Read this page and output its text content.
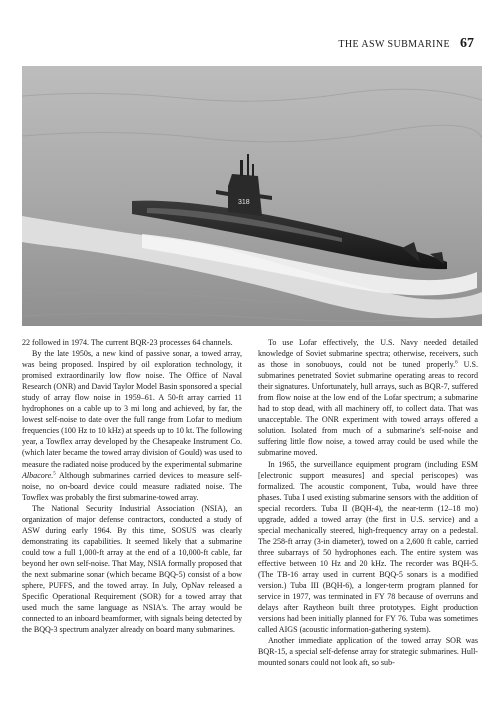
THE ASW SUBMARINE 67
318

22 followed in 1974. The current BQR-23 processes 64 channels.

By the late 1950s, a new kind of passive sonar, a towed array, was being proposed. Inspired by oil exploration technology, it promised extraordinarily low flow noise. The Office of Naval Research (ONR) and David Taylor Model Basin sponsored a special study of array flow noise in 1959–61. A 50-ft array carried 11 hydrophones on a cable up to 3 mi long and achieved, by far, the lowest self-noise to date over the full range from Lofar to medium frequencies (100 Hz to 10 kHz) at speeds up to 10 kt. The following year, a Towflex array developed by the Chesapeake Instrument Co. (which later became the towed array division of Gould) was used to measure the radiated noise produced by the experimental submarine Albacore.$^5$ Although submarines carried devices to measure self-noise, no on-board device could measure radiated noise. The Towflex was probably the first submarine-towed array.

The National Security Industrial Association (NSIA), an organization of major defense contractors, conducted a study of ASW during early 1964. By this time, SOSUS was clearly demonstrating its capabilities. It seemed likely that a submarine could tow a full 1,000-ft array at the end of a 10,000-ft cable, far beyond her own self-noise. That May, NSIA formally proposed that the next submarine sonar (which became BQQ-5) consist of a bow sphere, PUFFS, and the towed array. In July, OpNav released a Specific Operational Requirement (SOR) for a towed array that used much the same language as NSIA's. The array would be connected to an inboard beamformer, with signals being detected by the BQQ-3 spectrum analyzer already on board many submarines.

To use Lofar effectively, the U.S. Navy needed detailed knowledge of Soviet submarine spectra; otherwise, receivers, such as those in sonobuoys, could not be tuned properly.$^6$ U.S. submarines penetrated Soviet submarine operating areas to record their signatures. Unfortunately, hull arrays, such as BQR-7, suffered from flow noise at the low end of the Lofar spectrum; a submarine had to stop dead, with all machinery off, to collect data. That was unacceptable. The ONR experiment with towed arrays offered a solution. Isolated from much of a submarine's self-noise and suffering little flow noise, a towed array could be used while the submarine moved.

In 1965, the surveillance equipment program (including ESM [electronic support measures] and special periscopes) was formalized. The acoustic component, Tuba, would have three phases. Tuba I used existing submarine sensors with the addition of special recorders. Tuba II (BQH-4), the near-term (12–18 mo) upgrade, added a towed array (the first in U.S. service) and a special mechanically steered, high-frequency array on a pedestal. The 258-ft array (3-in diameter), towed on a 2,600 ft cable, carried three subarrays of 50 hydrophones each. The entire system was effective between 10 Hz and 20 kHz. The recorder was BQH-5. (The TB-16 array used in current BQQ-5 sonars is a modified version.) Tuba III (BQH-6), a longer-term program planned for service in 1977, was terminated in FY 78 because of overruns and delays after Raytheon built three prototypes. Eight production versions had been initially planned for FY 76. Tuba was sometimes called AIGS (acoustic information-gathering system).

Another immediate application of the towed array SOR was BQR-15, a special self-defense array for strategic submarines. Hull-mounted sonars could not look aft, so sub-
